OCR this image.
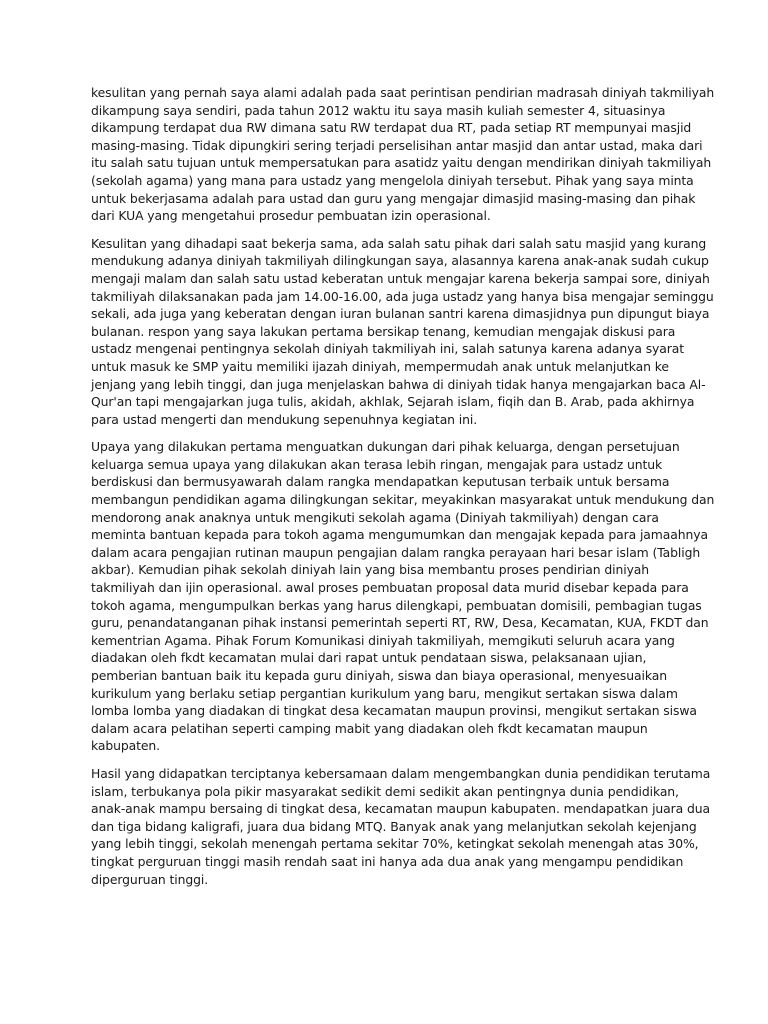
kesulitan yang pernah saya alami adalah pada saat perintisan pendirian madrasah diniyah takmiliyah
dikampung saya sendiri, pada tahun 2012 waktu itu saya masih kuliah semester 4, situasinya
dikampung terdapat dua RW dimana satu RW terdapat dua RT, pada setiap RT mempunyai masjid
masing-masing. Tidak dipungkiri sering terjadi perselisihan antar masjid dan antar ustad, maka dari
itu salah satu tujuan untuk mempersatukan para asatidz yaitu dengan mendirikan diniyah takmiliyah
(sekolah agama) yang mana para ustadz yang mengelola diniyah tersebut. Pihak yang saya minta
untuk bekerjasama adalah para ustad dan guru yang mengajar dimasjid masing-masing dan pihak
dari KUA yang mengetahui prosedur pembuatan izin operasional.

Kesulitan yang dihadapi saat bekerja sama, ada salah satu pihak dari salah satu masjid yang kurang
mendukung adanya diniyah takmiliyah dilingkungan saya, alasannya karena anak-anak sudah cukup
mengaji malam dan salah satu ustad keberatan untuk mengajar karena bekerja sampai sore, diniyah
takmiliyah dilaksanakan pada jam 14.00-16.00, ada juga ustadz yang hanya bisa mengajar seminggu
sekali, ada juga yang keberatan dengan iuran bulanan santri karena dimasjidnya pun dipungut biaya
bulanan. respon yang saya lakukan pertama bersikap tenang, kemudian mengajak diskusi para
ustadz mengenai pentingnya sekolah diniyah takmiliyah ini, salah satunya karena adanya syarat
untuk masuk ke SMP yaitu memiliki ijazah diniyah, mempermudah anak untuk melanjutkan ke
jenjang yang lebih tinggi, dan juga menjelaskan bahwa di diniyah tidak hanya mengajarkan baca Al-
Qur'an tapi mengajarkan juga tulis, akidah, akhlak, Sejarah islam, fiqih dan B. Arab, pada akhirnya
para ustad mengerti dan mendukung sepenuhnya kegiatan ini.

Upaya yang dilakukan pertama menguatkan dukungan dari pihak keluarga, dengan persetujuan
keluarga semua upaya yang dilakukan akan terasa lebih ringan, mengajak para ustadz untuk
berdiskusi dan bermusyawarah dalam rangka mendapatkan keputusan terbaik untuk bersama
membangun pendidikan agama dilingkungan sekitar, meyakinkan masyarakat untuk mendukung dan
mendorong anak anaknya untuk mengikuti sekolah agama (Diniyah takmiliyah) dengan cara
meminta bantuan kepada para tokoh agama mengumumkan dan mengajak kepada para jamaahnya
dalam acara pengajian rutinan maupun pengajian dalam rangka perayaan hari besar islam (Tabligh
akbar). Kemudian pihak sekolah diniyah lain yang bisa membantu proses pendirian diniyah
takmiliyah dan ijin operasional. awal proses pembuatan proposal data murid disebar kepada para
tokoh agama, mengumpulkan berkas yang harus dilengkapi, pembuatan domisili, pembagian tugas
guru, penandatanganan pihak instansi pemerintah seperti RT, RW, Desa, Kecamatan, KUA, FKDT dan
kementrian Agama. Pihak Forum Komunikasi diniyah takmiliyah, memgikuti seluruh acara yang
diadakan oleh fkdt kecamatan mulai dari rapat untuk pendataan siswa, pelaksanaan ujian,
pemberian bantuan baik itu kepada guru diniyah, siswa dan biaya operasional, menyesuaikan
kurikulum yang berlaku setiap pergantian kurikulum yang baru, mengikut sertakan siswa dalam
lomba lomba yang diadakan di tingkat desa kecamatan maupun provinsi, mengikut sertakan siswa
dalam acara pelatihan seperti camping mabit yang diadakan oleh fkdt kecamatan maupun
kabupaten.

Hasil yang didapatkan terciptanya kebersamaan dalam mengembangkan dunia pendidikan terutama
islam, terbukanya pola pikir masyarakat sedikit demi sedikit akan pentingnya dunia pendidikan,
anak-anak mampu bersaing di tingkat desa, kecamatan maupun kabupaten. mendapatkan juara dua
dan tiga bidang kaligrafi, juara dua bidang MTQ. Banyak anak yang melanjutkan sekolah kejenjang
yang lebih tinggi, sekolah menengah pertama sekitar 70%, ketingkat sekolah menengah atas 30%,
tingkat perguruan tinggi masih rendah saat ini hanya ada dua anak yang mengampu pendidikan
diperguruan tinggi.
